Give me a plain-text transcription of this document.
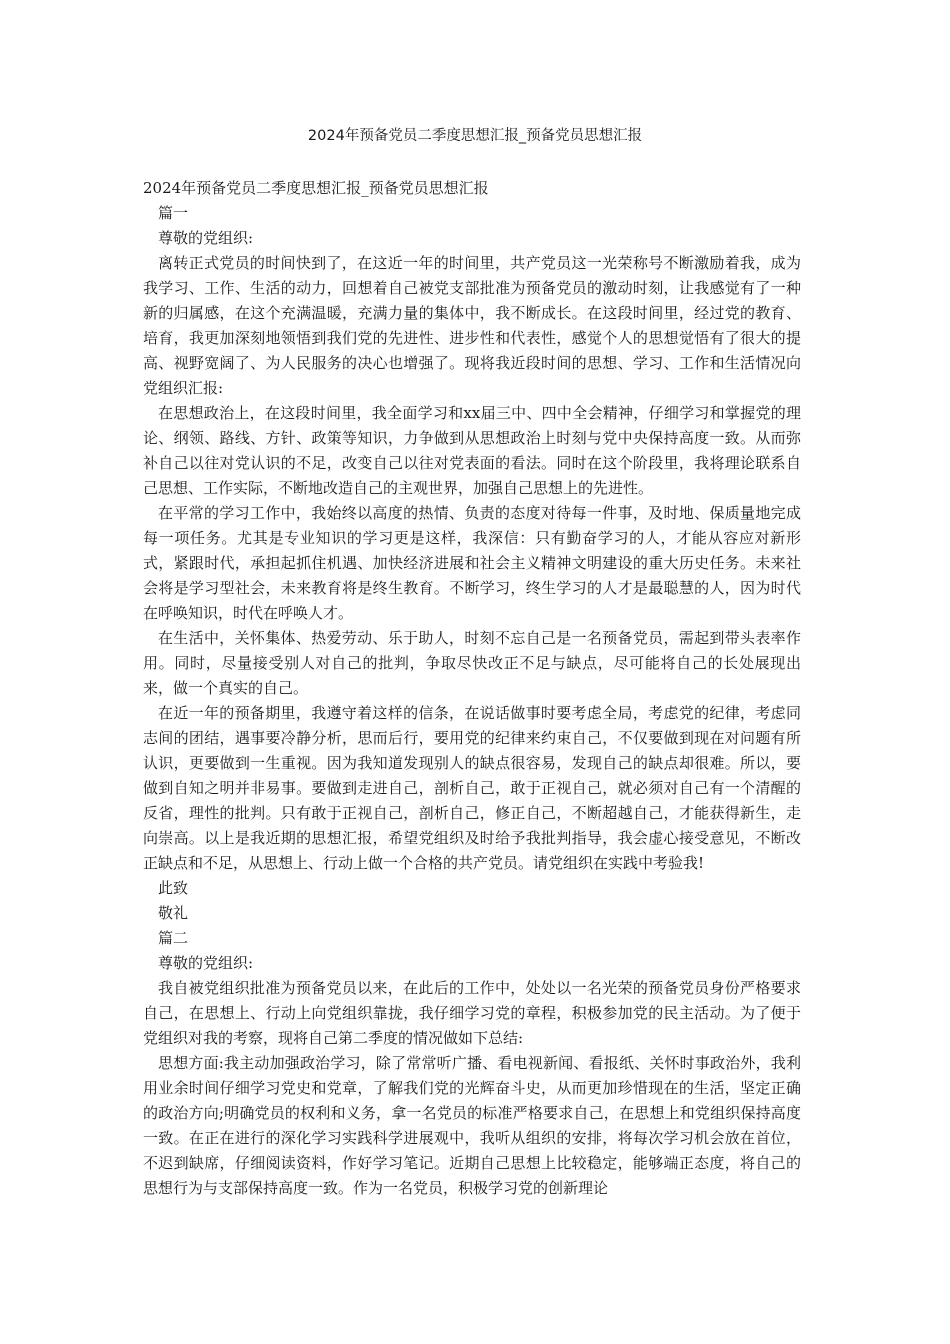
2024年预备党员二季度思想汇报_预备党员思想汇报

2024年预备党员二季度思想汇报_预备党员思想汇报

篇一

尊敬的党组织:

离转正式党员的时间快到了，在这近一年的时间里，共产党员这一光荣称号不断激励着我，成为我学习、工作、生活的动力，回想着自己被党支部批准为预备党员的激动时刻，让我感觉有了一种新的归属感，在这个充满温暖，充满力量的集体中，我不断成长。在这段时间里，经过党的教育、培育，我更加深刻地领悟到我们党的先进性、进步性和代表性，感觉个人的思想觉悟有了很大的提高、视野宽阔了、为人民服务的决心也增强了。现将我近段时间的思想、学习、工作和生活情况向党组织汇报:

在思想政治上，在这段时间里，我全面学习和xx届三中、四中全会精神，仔细学习和掌握党的理论、纲领、路线、方针、政策等知识，力争做到从思想政治上时刻与党中央保持高度一致。从而弥补自己以往对党认识的不足，改变自己以往对党表面的看法。同时在这个阶段里，我将理论联系自己思想、工作实际，不断地改造自己的主观世界，加强自己思想上的先进性。

在平常的学习工作中，我始终以高度的热情、负责的态度对待每一件事，及时地、保质量地完成每一项任务。尤其是专业知识的学习更是这样，我深信：只有勤奋学习的人，才能从容应对新形式，紧跟时代，承担起抓住机遇、加快经济进展和社会主义精神文明建设的重大历史任务。未来社会将是学习型社会，未来教育将是终生教育。不断学习，终生学习的人才是最聪慧的人，因为时代在呼唤知识，时代在呼唤人才。

在生活中，关怀集体、热爱劳动、乐于助人，时刻不忘自己是一名预备党员，需起到带头表率作用。同时，尽量接受别人对自己的批判，争取尽快改正不足与缺点，尽可能将自己的长处展现出来，做一个真实的自己。

在近一年的预备期里，我遵守着这样的信条，在说话做事时要考虑全局，考虑党的纪律，考虑同志间的团结，遇事要冷静分析，思而后行，要用党的纪律来约束自己，不仅要做到现在对问题有所认识，更要做到一生重视。因为我知道发现别人的缺点很容易，发现自己的缺点却很难。所以，要做到自知之明并非易事。要做到走进自己，剖析自己，敢于正视自己，就必须对自己有一个清醒的反省，理性的批判。只有敢于正视自己，剖析自己，修正自己，不断超越自己，才能获得新生，走向崇高。以上是我近期的思想汇报，希望党组织及时给予我批判指导，我会虚心接受意见，不断改正缺点和不足，从思想上、行动上做一个合格的共产党员。请党组织在实践中考验我!

此致

敬礼

篇二

尊敬的党组织:

我自被党组织批准为预备党员以来，在此后的工作中，处处以一名光荣的预备党员身份严格要求自己，在思想上、行动上向党组织靠拢，我仔细学习党的章程，积极参加党的民主活动。为了便于党组织对我的考察，现将自己第二季度的情况做如下总结:

思想方面:我主动加强政治学习，除了常常听广播、看电视新闻、看报纸、关怀时事政治外，我利用业余时间仔细学习党史和党章，了解我们党的光辉奋斗史，从而更加珍惜现在的生活，坚定正确的政治方向;明确党员的权利和义务，拿一名党员的标准严格要求自己，在思想上和党组织保持高度一致。在正在进行的深化学习实践科学进展观中，我听从组织的安排，将每次学习机会放在首位，不迟到缺席，仔细阅读资料，作好学习笔记。近期自己思想上比较稳定，能够端正态度，将自己的思想行为与支部保持高度一致。作为一名党员，积极学习党的创新理论
